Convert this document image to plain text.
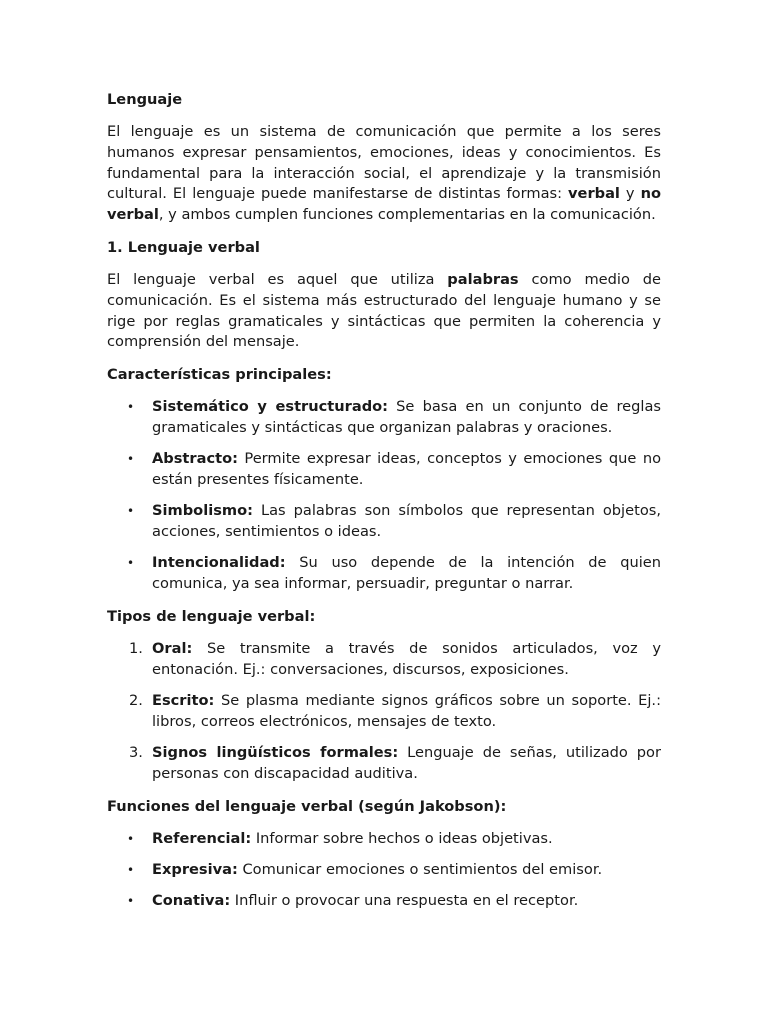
Lenguaje
El lenguaje es un sistema de comunicación que permite a los seres humanos expresar pensamientos, emociones, ideas y conocimientos. Es fundamental para la interacción social, el aprendizaje y la transmisión cultural. El lenguaje puede manifestarse de distintas formas: verbal y no verbal, y ambos cumplen funciones complementarias en la comunicación.
1. Lenguaje verbal
El lenguaje verbal es aquel que utiliza palabras como medio de comunicación. Es el sistema más estructurado del lenguaje humano y se rige por reglas gramaticales y sintácticas que permiten la coherencia y comprensión del mensaje.
Características principales:
• Sistemático y estructurado: Se basa en un conjunto de reglas gramaticales y sintácticas que organizan palabras y oraciones.
• Abstracto: Permite expresar ideas, conceptos y emociones que no están presentes físicamente.
• Simbolismo: Las palabras son símbolos que representan objetos, acciones, sentimientos o ideas.
• Intencionalidad: Su uso depende de la intención de quien comunica, ya sea informar, persuadir, preguntar o narrar.
Tipos de lenguaje verbal:
1. Oral: Se transmite a través de sonidos articulados, voz y entonación. Ej.: conversaciones, discursos, exposiciones.
2. Escrito: Se plasma mediante signos gráficos sobre un soporte. Ej.: libros, correos electrónicos, mensajes de texto.
3. Signos lingüísticos formales: Lenguaje de señas, utilizado por personas con discapacidad auditiva.
Funciones del lenguaje verbal (según Jakobson):
• Referencial: Informar sobre hechos o ideas objetivas.
• Expresiva: Comunicar emociones o sentimientos del emisor.
• Conativa: Influir o provocar una respuesta en el receptor.
